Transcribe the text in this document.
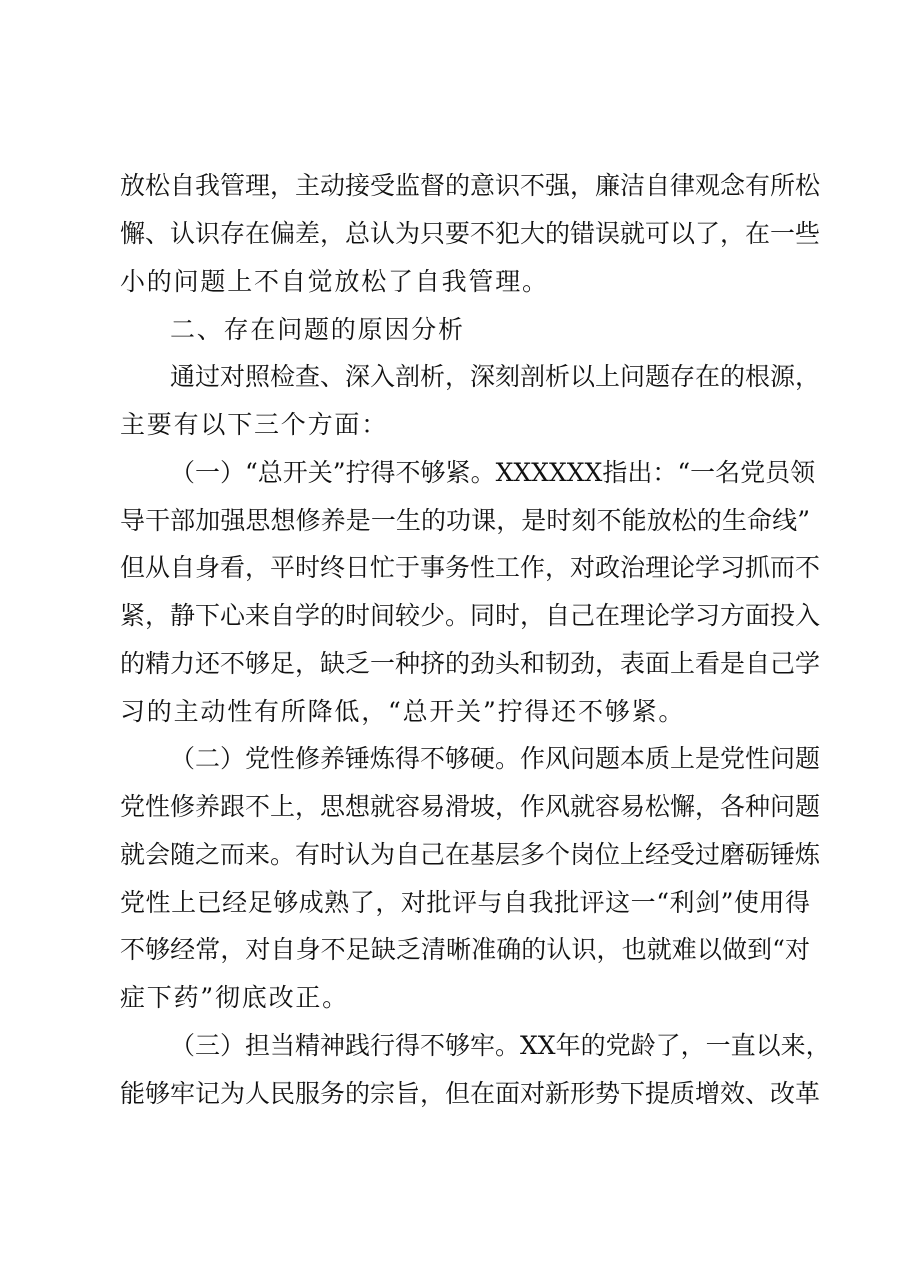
放松自我管理，主动接受监督的意识不强，廉洁自律观念有所松
懈、认识存在偏差，总认为只要不犯大的错误就可以了，在一些
小的问题上不自觉放松了自我管理。
二、存在问题的原因分析
通过对照检查、深入剖析，深刻剖析以上问题存在的根源，
主要有以下三个方面：
（一）“总开关”拧得不够紧。XXXXXX指出：“一名党员领
导干部加强思想修养是一生的功课，是时刻不能放松的生命线”
但从自身看，平时终日忙于事务性工作，对政治理论学习抓而不
紧，静下心来自学的时间较少。同时，自己在理论学习方面投入
的精力还不够足，缺乏一种挤的劲头和韧劲，表面上看是自己学
习的主动性有所降低，“总开关”拧得还不够紧。
（二）党性修养锤炼得不够硬。作风问题本质上是党性问题
党性修养跟不上，思想就容易滑坡，作风就容易松懈，各种问题
就会随之而来。有时认为自己在基层多个岗位上经受过磨砺锤炼
党性上已经足够成熟了，对批评与自我批评这一“利剑”使用得
不够经常，对自身不足缺乏清晰准确的认识，也就难以做到“对
症下药”彻底改正。
（三）担当精神践行得不够牢。XX年的党龄了，一直以来，
能够牢记为人民服务的宗旨，但在面对新形势下提质增效、改革
